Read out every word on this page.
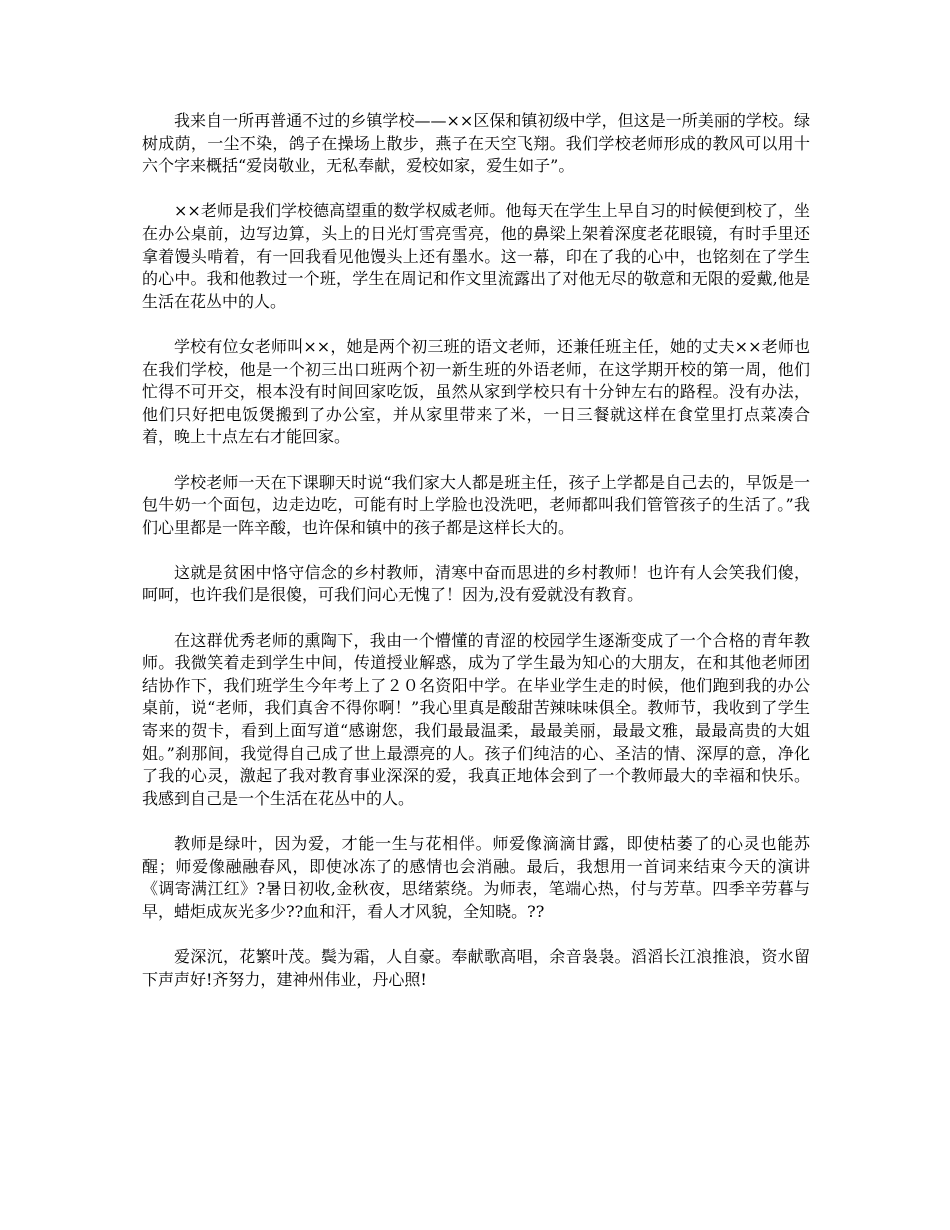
我来自一所再普通不过的乡镇学校——××区保和镇初级中学，但这是一所美丽的学校。绿树成荫，一尘不染，鸽子在操场上散步，燕子在天空飞翔。我们学校老师形成的教风可以用十六个字来概括“爱岗敬业，无私奉献，爱校如家，爱生如子”。

××老师是我们学校德高望重的数学权威老师。他每天在学生上早自习的时候便到校了，坐在办公桌前，边写边算，头上的日光灯雪亮雪亮，他的鼻梁上架着深度老花眼镜，有时手里还拿着馒头啃着，有一回我看见他馒头上还有墨水。这一幕，印在了我的心中，也铭刻在了学生的心中。我和他教过一个班，学生在周记和作文里流露出了对他无尽的敬意和无限的爱戴,他是生活在花丛中的人。

学校有位女老师叫××，她是两个初三班的语文老师，还兼任班主任，她的丈夫××老师也在我们学校，他是一个初三出口班两个初一新生班的外语老师，在这学期开校的第一周，他们忙得不可开交，根本没有时间回家吃饭，虽然从家到学校只有十分钟左右的路程。没有办法，他们只好把电饭煲搬到了办公室，并从家里带来了米，一日三餐就这样在食堂里打点菜凑合着，晚上十点左右才能回家。

学校老师一天在下课聊天时说“我们家大人都是班主任，孩子上学都是自己去的，早饭是一包牛奶一个面包，边走边吃，可能有时上学脸也没洗吧，老师都叫我们管管孩子的生活了。”我们心里都是一阵辛酸，也许保和镇中的孩子都是这样长大的。

这就是贫困中恪守信念的乡村教师，清寒中奋而思进的乡村教师！也许有人会笑我们傻，呵呵，也许我们是很傻，可我们问心无愧了！因为,没有爱就没有教育。

在这群优秀老师的熏陶下，我由一个懵懂的青涩的校园学生逐渐变成了一个合格的青年教师。我微笑着走到学生中间，传道授业解惑，成为了学生最为知心的大朋友，在和其他老师团结协作下，我们班学生今年考上了２０名资阳中学。在毕业学生走的时候，他们跑到我的办公桌前，说“老师，我们真舍不得你啊！”我心里真是酸甜苦辣味味俱全。教师节，我收到了学生寄来的贺卡，看到上面写道“感谢您，我们最最温柔，最最美丽，最最文雅，最最高贵的大姐姐。”刹那间，我觉得自己成了世上最漂亮的人。孩子们纯洁的心、圣洁的情、深厚的意，净化了我的心灵，激起了我对教育事业深深的爱，我真正地体会到了一个教师最大的幸福和快乐。我感到自己是一个生活在花丛中的人。

教师是绿叶，因为爱，才能一生与花相伴。师爱像滴滴甘露，即使枯萎了的心灵也能苏醒；师爱像融融春风，即使冰冻了的感情也会消融。最后，我想用一首词来结束今天的演讲《调寄满江红》?暑日初收,金秋夜，思绪萦绕。为师表，笔端心热，付与芳草。四季辛劳暮与早，蜡炬成灰光多少??血和汗，看人才风貌，全知晓。??

爱深沉，花繁叶茂。鬓为霜，人自豪。奉献歌高唱，余音袅袅。滔滔长江浪推浪，资水留下声声好!齐努力，建神州伟业，丹心照!
